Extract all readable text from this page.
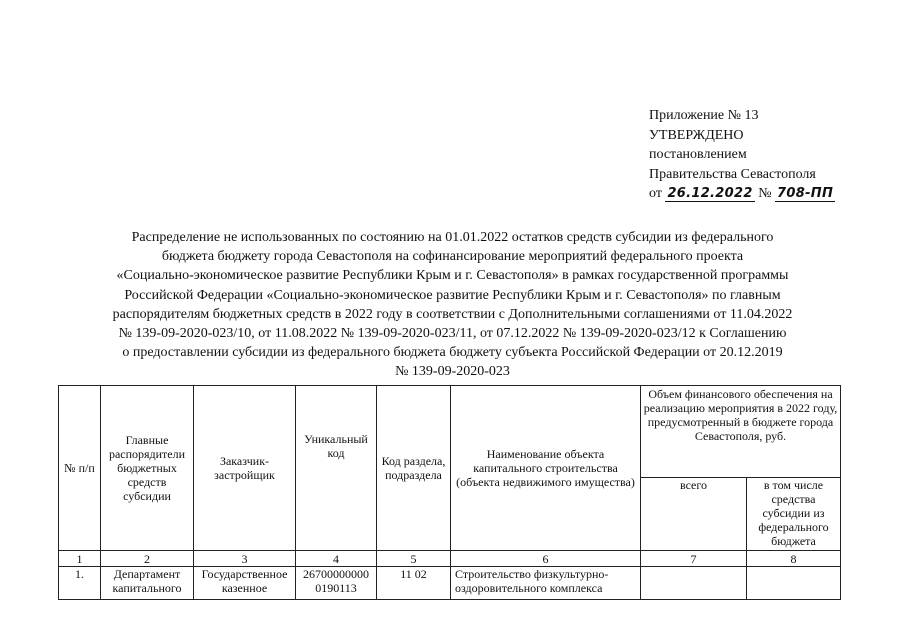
Приложение № 13
УТВЕРЖДЕНО
постановлением
Правительства Севастополя
от 26.12.2022 № 708-ПП
Распределение не использованных по состоянию на 01.01.2022 остатков средств субсидии из федерального
бюджета бюджету города Севастополя на софинансирование мероприятий федерального проекта
«Социально-экономическое развитие Республики Крым и г. Севастополя» в рамках государственной программы
Российской Федерации «Социально-экономическое развитие Республики Крым и г. Севастополя» по главным
распорядителям бюджетных средств в 2022 году в соответствии с Дополнительными соглашениями от 11.04.2022
№ 139-09-2020-023/10, от 11.08.2022 № 139-09-2020-023/11, от 07.12.2022 № 139-09-2020-023/12 к Соглашению
о предоставлении субсидии из федерального бюджета бюджету субъекта Российской Федерации от 20.12.2019
№ 139-09-2020-023
№ п/п	Главные распорядители бюджетных средств субсидии	Заказчик-застройщик	Уникальный код	Код раздела, подраздела	Наименование объекта капитального строительства (объекта недвижимого имущества)	Объем финансового обеспечения на реализацию мероприятия в 2022 году, предусмотренный в бюджете города Севастополя, руб.	
						всего	в том числе средства субсидии из федерального бюджета
1	2	3	4	5	6	7	8
1.	Департамент капитального	Государственное казенное	26700000000 0190113	11 02	Строительство физкультурно-оздоровительного комплекса		
